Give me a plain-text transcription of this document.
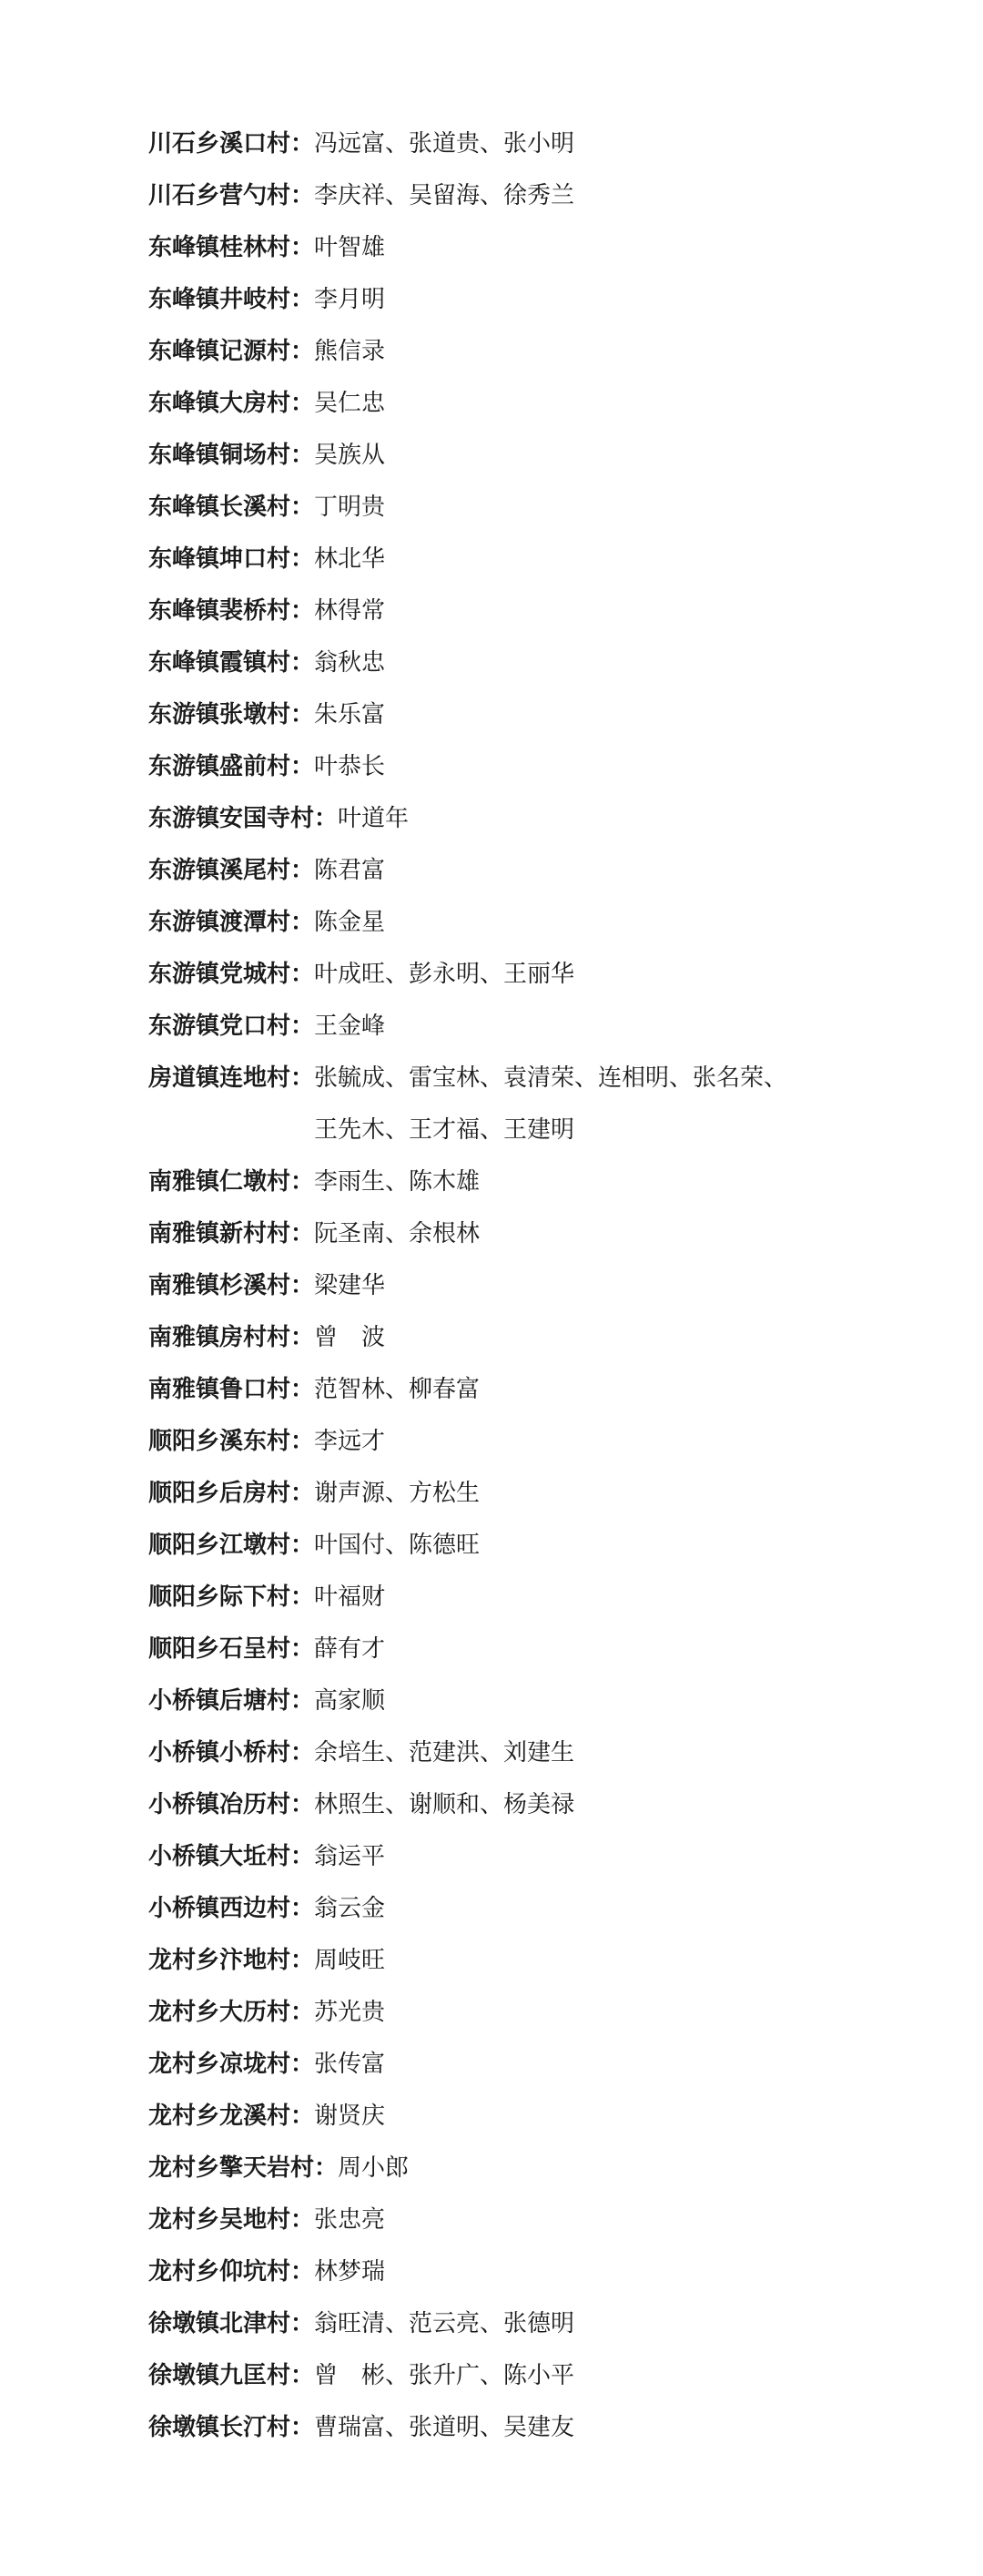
川石乡溪口村： 冯远富、张道贵、张小明
川石乡营勺村： 李庆祥、吴留海、徐秀兰
东峰镇桂林村： 叶智雄
东峰镇井岐村： 李月明
东峰镇记源村： 熊信录
东峰镇大房村： 吴仁忠
东峰镇铜场村： 吴族从
东峰镇长溪村： 丁明贵
东峰镇坤口村： 林北华
东峰镇裴桥村： 林得常
东峰镇霞镇村： 翁秋忠
东游镇张墩村： 朱乐富
东游镇盛前村： 叶恭长
东游镇安国寺村： 叶道年
东游镇溪尾村： 陈君富
东游镇渡潭村： 陈金星
东游镇党城村： 叶成旺、彭永明、王丽华
东游镇党口村： 王金峰
房道镇连地村： 张毓成、雷宝林、袁清荣、连相明、张名荣、
王先木、王才福、王建明
南雅镇仁墩村： 李雨生、陈木雄
南雅镇新村村： 阮圣南、余根林
南雅镇杉溪村： 梁建华
南雅镇房村村： 曾　波
南雅镇鲁口村： 范智林、柳春富
顺阳乡溪东村： 李远才
顺阳乡后房村： 谢声源、方松生
顺阳乡江墩村： 叶国付、陈德旺
顺阳乡际下村： 叶福财
顺阳乡石呈村： 薛有才
小桥镇后塘村： 高家顺
小桥镇小桥村： 余培生、范建洪、刘建生
小桥镇冶历村： 林照生、谢顺和、杨美禄
小桥镇大坵村： 翁运平
小桥镇西边村： 翁云金
龙村乡汴地村： 周岐旺
龙村乡大历村： 苏光贵
龙村乡凉垅村： 张传富
龙村乡龙溪村： 谢贤庆
龙村乡擎天岩村： 周小郎
龙村乡吴地村： 张忠亮
龙村乡仰坑村： 林梦瑞
徐墩镇北津村： 翁旺清、范云亮、张德明
徐墩镇九匡村： 曾　彬、张升广、陈小平
徐墩镇长汀村： 曹瑞富、张道明、吴建友
